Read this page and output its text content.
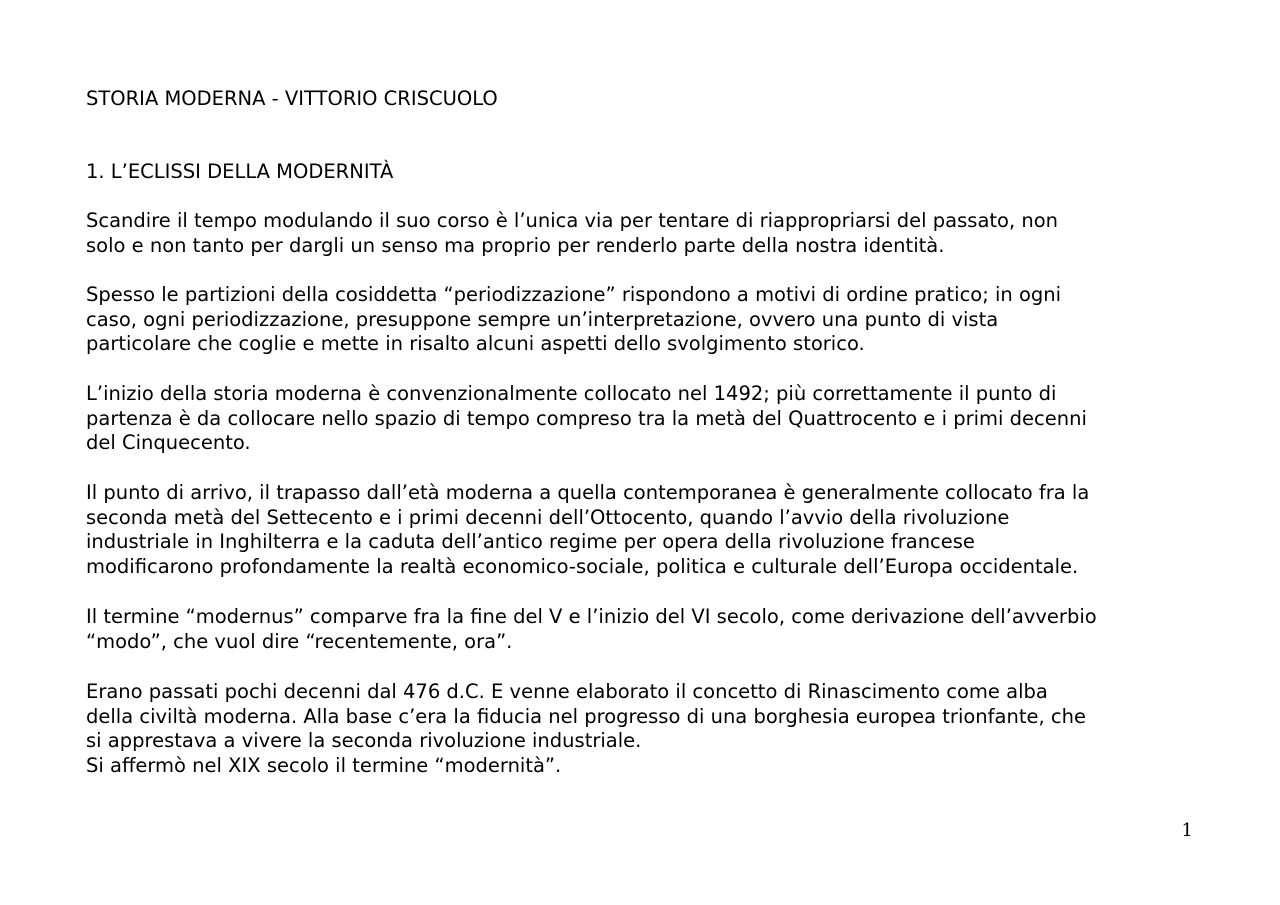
STORIA MODERNA - VITTORIO CRISCUOLO
1. L’ECLISSI DELLA MODERNITÀ
Scandire il tempo modulando il suo corso è l’unica via per tentare di riappropriarsi del passato, non
solo e non tanto per dargli un senso ma proprio per renderlo parte della nostra identità.
Spesso le partizioni della cosiddetta “periodizzazione” rispondono a motivi di ordine pratico; in ogni
caso, ogni periodizzazione, presuppone sempre un’interpretazione, ovvero una punto di vista
particolare che coglie e mette in risalto alcuni aspetti dello svolgimento storico.
L’inizio della storia moderna è convenzionalmente collocato nel 1492; più correttamente il punto di
partenza è da collocare nello spazio di tempo compreso tra la metà del Quattrocento e i primi decenni
del Cinquecento.
Il punto di arrivo, il trapasso dall’età moderna a quella contemporanea è generalmente collocato fra la
seconda metà del Settecento e i primi decenni dell’Ottocento, quando l’avvio della rivoluzione
industriale in Inghilterra e la caduta dell’antico regime per opera della rivoluzione francese
modificarono profondamente la realtà economico-sociale, politica e culturale dell’Europa occidentale.
Il termine “modernus” comparve fra la fine del V e l’inizio del VI secolo, come derivazione dell’avverbio
“modo”, che vuol dire “recentemente, ora”.
Erano passati pochi decenni dal 476 d.C. E venne elaborato il concetto di Rinascimento come alba
della civiltà moderna. Alla base c’era la fiducia nel progresso di una borghesia europea trionfante, che
si apprestava a vivere la seconda rivoluzione industriale.
Si affermò nel XIX secolo il termine “modernità”.
1
